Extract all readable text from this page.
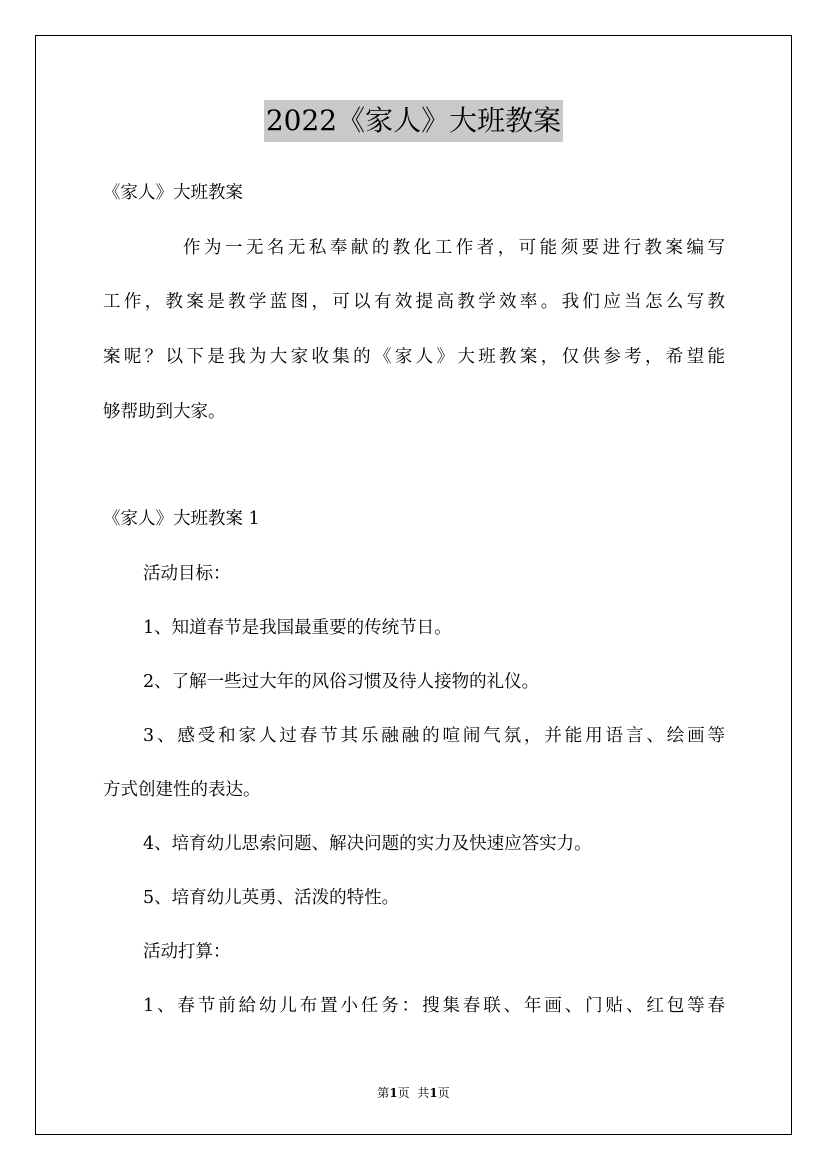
2022《家人》大班教案
《家人》大班教案
作为一无名无私奉献的教化工作者，可能须要进行教案编写
工作，教案是教学蓝图，可以有效提高教学效率。我们应当怎么写教
案呢？以下是我为大家收集的《家人》大班教案，仅供参考，希望能
够帮助到大家。
《家人》大班教案 1
活动目标：
1、知道春节是我国最重要的传统节日。
2、了解一些过大年的风俗习惯及待人接物的礼仪。
3、感受和家人过春节其乐融融的喧闹气氛，并能用语言、绘画等
方式创建性的表达。
4、培育幼儿思索问题、解决问题的实力及快速应答实力。
5、培育幼儿英勇、活泼的特性。
活动打算：
1、春节前給幼儿布置小任务：搜集春联、年画、门贴、红包等春
第1页  共1页
